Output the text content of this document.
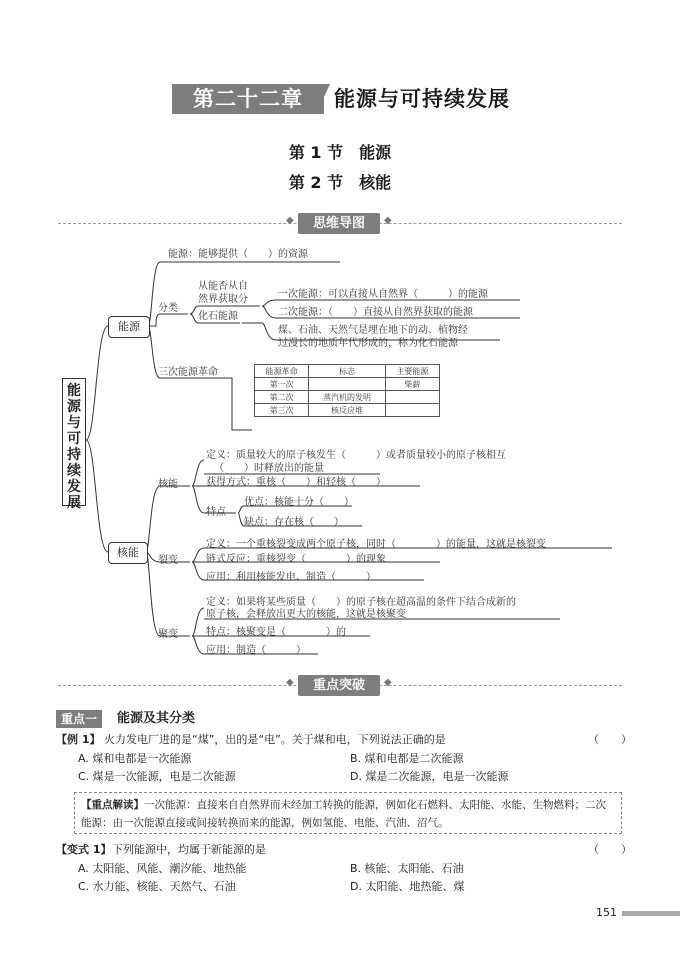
第二十二章	能源与可持续发展
第 1 节　能源
第 2 节　核能
◆	思维导图	◆
能源与可持续发展
能源
核能
能源：能够提供（　　）的资源
分类
从能否从自
然界获取分
化石能源
一次能源：可以直接从自然界（　　　）的能源
二次能源：（　　）直接从自然界获取的能源
煤、石油、天然气是埋在地下的动、植物经
过漫长的地质年代形成的，称为化石能源
三次能源革命	能源革命	标志	主要能源
第一次		柴薪
第二次	蒸汽机的发明	
第三次	核反应堆	
核能
定义：质量较大的原子核发生（　　　）或者质量较小的原子核相互
（　　）时释放出的能量
获得方式：重核（　　）和轻核（　　）
特点
优点：核能十分（　　）
缺点：存在核（　　）
裂变
定义：一个重核裂变成两个原子核，同时（　　　　）的能量，这就是核裂变
链式反应：重核裂变（　　　　）的现象
应用：利用核能发电、制造（　　　）
聚变
定义：如果将某些质量（　　）的原子核在超高温的条件下结合成新的
原子核，会释放出更大的核能，这就是核聚变
特点：核聚变是（　　　　）的
应用：制造（　　　）
◆	重点突破	◆
重点一	能源及其分类
【例 1】 火力发电厂进的是“煤”，出的是“电”。关于煤和电，下列说法正确的是	（　　）
A. 煤和电都是一次能源	B. 煤和电都是二次能源
C. 煤是一次能源，电是二次能源	D. 煤是二次能源，电是一次能源
【重点解读】一次能源：直接来自自然界而未经加工转换的能源，例如化石燃料、太阳能、水能、生物燃料；二次能源：由一次能源直接或间接转换而来的能源，例如氢能、电能、汽油、沼气。
【变式 1】 下列能源中，均属于新能源的是	（　　）
A. 太阳能、风能、潮汐能、地热能	B. 核能、太阳能、石油
C. 水力能、核能、天然气、石油	D. 太阳能、地热能、煤
151
